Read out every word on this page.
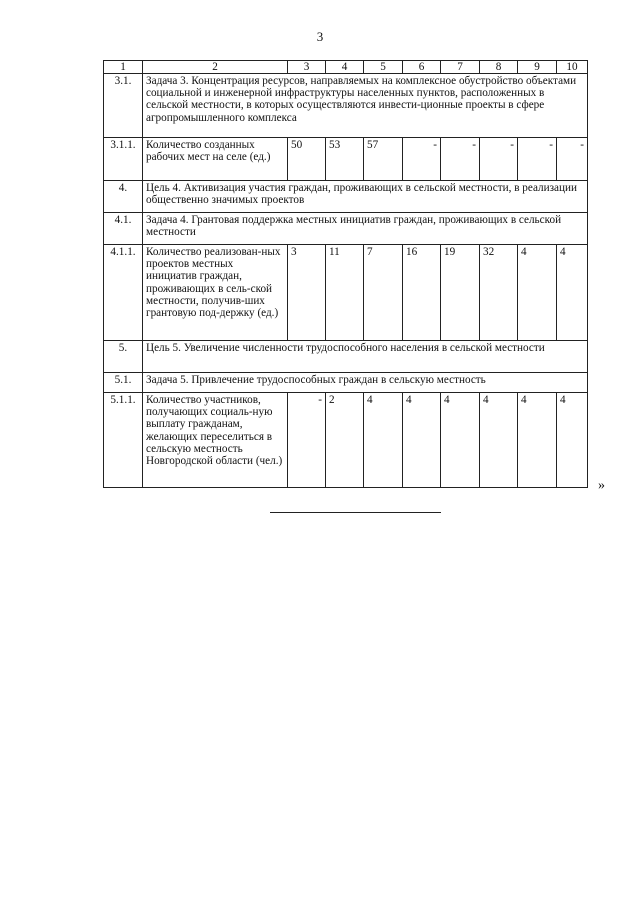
3
1	2	3	4	5	6	7	8	9	10
3.1.	Задача 3. Концентрация ресурсов, направляемых на комплексное обустройство объектами социальной и инженерной инфраструктуры населенных пунктов, расположенных в сельской местности, в которых осуществляются инвести-ционные проекты в сфере агропромышленного комплекса								
3.1.1.	Количество созданных рабочих мест на селе (ед.)	50	53	57	-	-	-	-	-
4.	Цель 4. Активизация участия граждан, проживающих в сельской местности, в реализации общественно значимых проектов								
4.1.	Задача 4. Грантовая поддержка местных инициатив граждан, проживающих в сельской местности								
4.1.1.	Количество реализован-ных проектов местных инициатив граждан, проживающих в сель-ской местности, получив-ших грантовую под-держку (ед.)	3	11	7	16	19	32	4	4
5.	Цель 5. Увеличение численности трудоспособного населения в сельской местности								
5.1.	Задача 5. Привлечение трудоспособных граждан в сельскую местность								
5.1.1.	Количество участников, получающих социаль-ную выплату гражданам, желающих переселиться в сельскую местность Новгородской области (чел.)	-	2	4	4	4	4	4	4
»
